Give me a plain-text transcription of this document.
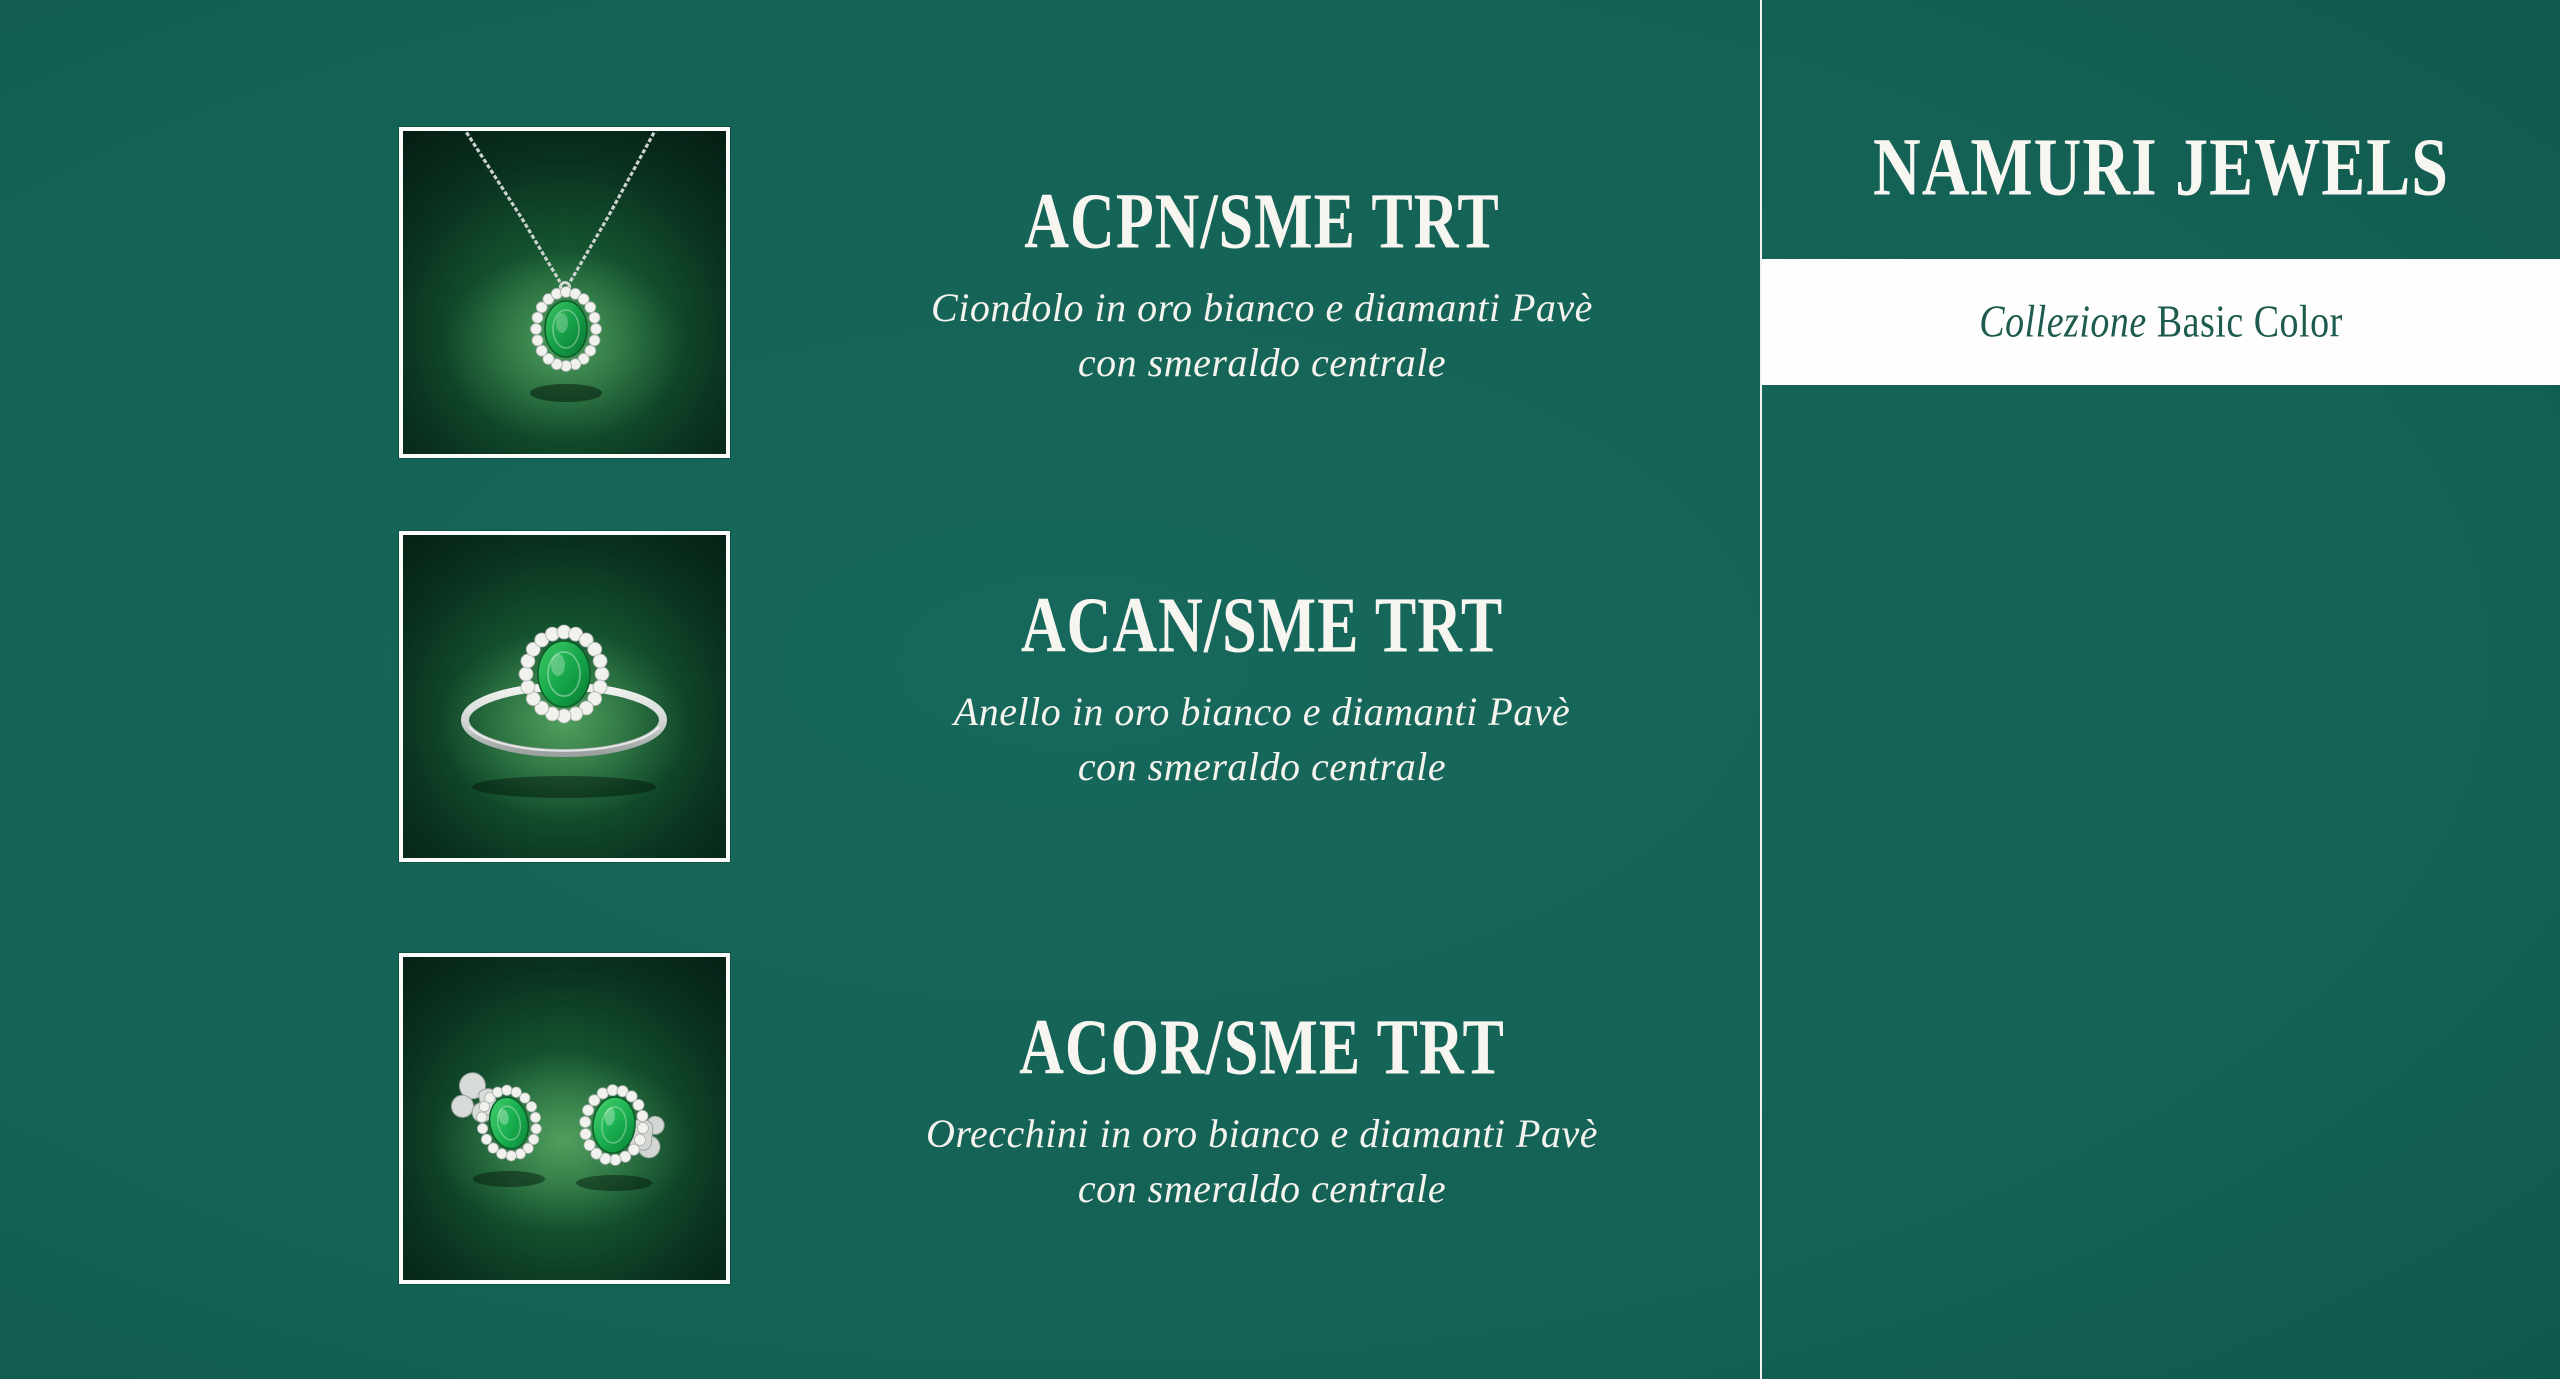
ACPN/SME TRT

Ciondolo in oro bianco e diamanti Pavè
con smeraldo centrale

ACAN/SME TRT

Anello in oro bianco e diamanti Pavè
con smeraldo centrale

ACOR/SME TRT

Orecchini in oro bianco e diamanti Pavè
con smeraldo centrale

NAMURI JEWELS
Collezione Basic Color
